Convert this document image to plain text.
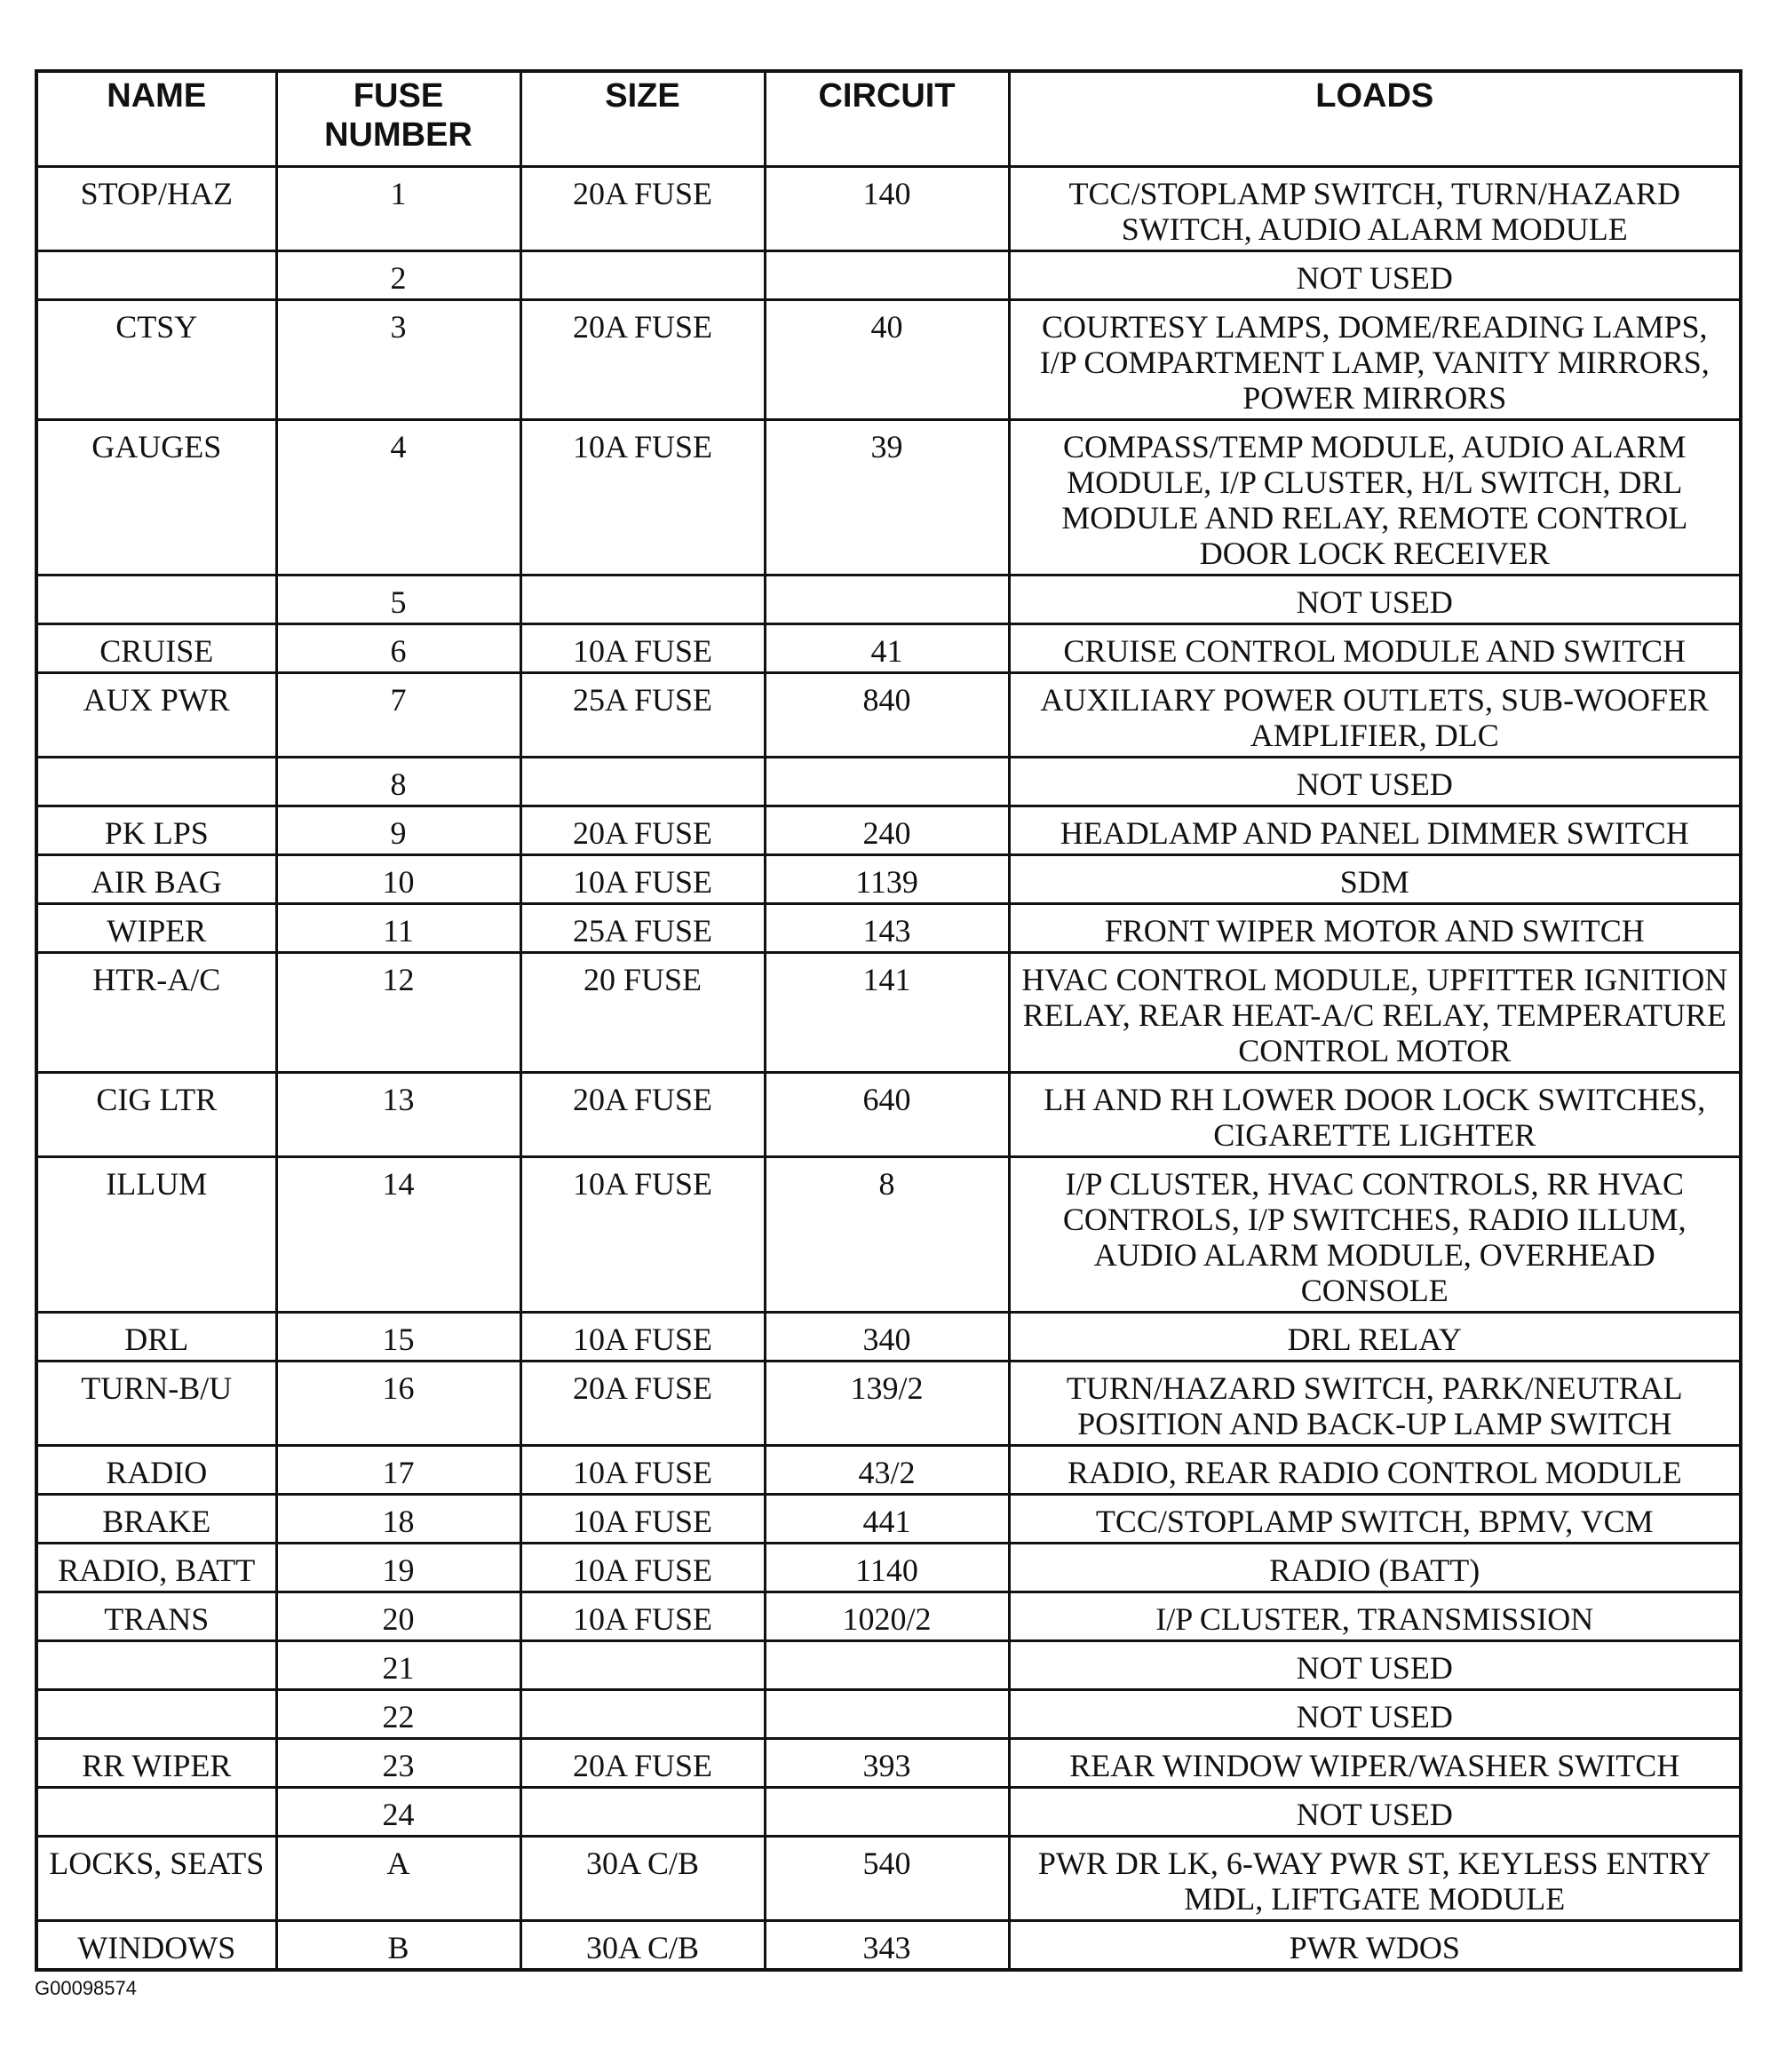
NAME	FUSE NUMBER	SIZE	CIRCUIT	LOADS
STOP/HAZ	1	20A FUSE	140	TCC/STOPLAMP SWITCH, TURN/HAZARD SWITCH, AUDIO ALARM MODULE
	2			NOT USED
CTSY	3	20A FUSE	40	COURTESY LAMPS, DOME/READING LAMPS, I/P COMPARTMENT LAMP, VANITY MIRRORS, POWER MIRRORS
GAUGES	4	10A FUSE	39	COMPASS/TEMP MODULE, AUDIO ALARM MODULE, I/P CLUSTER, H/L SWITCH, DRL MODULE AND RELAY, REMOTE CONTROL DOOR LOCK RECEIVER
	5			NOT USED
CRUISE	6	10A FUSE	41	CRUISE CONTROL MODULE AND SWITCH
AUX PWR	7	25A FUSE	840	AUXILIARY POWER OUTLETS, SUB-WOOFER AMPLIFIER, DLC
	8			NOT USED
PK LPS	9	20A FUSE	240	HEADLAMP AND PANEL DIMMER SWITCH
AIR BAG	10	10A FUSE	1139	SDM
WIPER	11	25A FUSE	143	FRONT WIPER MOTOR AND SWITCH
HTR-A/C	12	20 FUSE	141	HVAC CONTROL MODULE, UPFITTER IGNITION RELAY, REAR HEAT-A/C RELAY, TEMPERATURE CONTROL MOTOR
CIG LTR	13	20A FUSE	640	LH AND RH LOWER DOOR LOCK SWITCHES, CIGARETTE LIGHTER
ILLUM	14	10A FUSE	8	I/P CLUSTER, HVAC CONTROLS, RR HVAC CONTROLS, I/P SWITCHES, RADIO ILLUM, AUDIO ALARM MODULE, OVERHEAD CONSOLE
DRL	15	10A FUSE	340	DRL RELAY
TURN-B/U	16	20A FUSE	139/2	TURN/HAZARD SWITCH, PARK/NEUTRAL POSITION AND BACK-UP LAMP SWITCH
RADIO	17	10A FUSE	43/2	RADIO, REAR RADIO CONTROL MODULE
BRAKE	18	10A FUSE	441	TCC/STOPLAMP SWITCH, BPMV, VCM
RADIO, BATT	19	10A FUSE	1140	RADIO (BATT)
TRANS	20	10A FUSE	1020/2	I/P CLUSTER, TRANSMISSION
	21			NOT USED
	22			NOT USED
RR WIPER	23	20A FUSE	393	REAR WINDOW WIPER/WASHER SWITCH
	24			NOT USED
LOCKS, SEATS	A	30A C/B	540	PWR DR LK, 6-WAY PWR ST, KEYLESS ENTRY MDL, LIFTGATE MODULE
WINDOWS	B	30A C/B	343	PWR WDOS
G00098574
